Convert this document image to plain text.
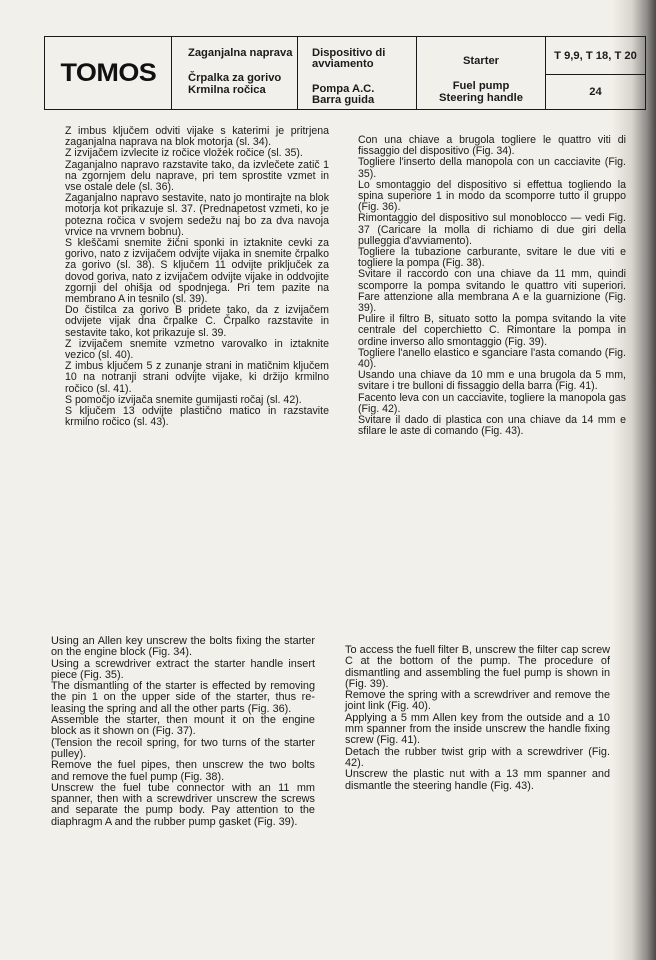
TOMOS
Zaganjalna naprava
Črpalka za gorivo
Krmilna ročica
Dispositivo di
avviamento
Pompa A.C.
Barra guida
Starter
Fuel pump
Steering handle
T 9,9, T 18, T 20
24

Z imbus ključem odviti vijake s katerimi je pritrjena zaganjalna naprava na blok motorja (sl. 34).

Z izvijačem izvlecite iz ročice vložek ročice (sl. 35).

Zaganjalno napravo razstavite tako, da izvlečete zatič 1 na zgornjem delu naprave, pri tem sprostite vzmet in vse ostale dele (sl. 36).

Zaganjalno napravo sestavite, nato jo montirajte na blok motorja kot prikazuje sl. 37. (Prednapetost vzmeti, ko je potezna ročica v svojem sedežu naj bo za dva navoja vrvice na vrvnem bobnu).

S kleščami snemite žični sponki in iztaknite cevki za gorivo, nato z izvijačem odvijte vijaka in snemite črpalko za gorivo (sl. 38). S ključem 11 odvijte priključek za dovod goriva, nato z izvijačem odvijte vijake in oddvojite zgornji del ohišja od spodnjega. Pri tem pazite na membrano A in tesnilo (sl. 39).

Do čistilca za gorivo B pridete tako, da z izvijačem odvijete vijak dna črpalke C. Črpalko razstavite in sestavite tako, kot prikazuje sl. 39.

Z izvijačem snemite vzmetno varovalko in iztaknite vezico (sl. 40).

Z imbus ključem 5 z zunanje strani in matičnim ključem 10 na notranji strani odvijte vijake, ki držijo krmilno ročico (sl. 41).

S pomočjo izvijača snemite gumijasti ročaj (sl. 42).

S ključem 13 odvijte plastično matico in razstavite krmilno ročico (sl. 43).

Con una chiave a brugola togliere le quattro viti di fissaggio del dispositivo (Fig. 34).

Togliere l'inserto della manopola con un cacciavite (Fig. 35).

Lo smontaggio del dispositivo si effettua togliendo la spina superiore 1 in modo da scomporre tutto il gruppo (Fig. 36).

Rimontaggio del dispositivo sul monoblocco — vedi Fig. 37 (Caricare la molla di richiamo di due giri della pulleggia d'avviamento).

Togliere la tubazione carburante, svitare le due viti e togliere la pompa (Fig. 38).

Svitare il raccordo con una chiave da 11 mm, quindi scomporre la pompa svitando le quattro viti superiori. Fare attenzione alla membrana A e la guarnizione (Fig. 39).

Pulire il filtro B, situato sotto la pompa svitando la vite centrale del coperchietto C. Rimontare la pompa in ordine inverso allo smontaggio (Fig. 39).

Togliere l'anello elastico e sganciare l'asta comando (Fig. 40).

Usando una chiave da 10 mm e una brugola da 5 mm, svitare i tre bulloni di fissaggio della barra (Fig. 41).

Facento leva con un cacciavite, togliere la manopola gas (Fig. 42).

Svitare il dado di plastica con una chiave da 14 mm e sfilare le aste di comando (Fig. 43).

Using an Allen key unscrew the bolts fixing the starter on the engine block (Fig. 34).

Using a screwdriver extract the starter handle insert piece (Fig. 35).

The dismantling of the starter is effected by removing the pin 1 on the upper side of the starter, thus releasing the spring and all the other parts (Fig. 36).

Assemble the starter, then mount it on the engine block as it shown on (Fig. 37).

(Tension the recoil spring, for two turns of the starter pulley).

Remove the fuel pipes, then unscrew the two bolts and remove the fuel pump (Fig. 38).

Unscrew the fuel tube connector with an 11 mm spanner, then with a screwdriver unscrew the screws and separate the pump body. Pay attention to the diaphragm A and the rubber pump gasket (Fig. 39).

To access the fuell filter B, unscrew the filter cap screw C at the bottom of the pump. The procedure of dismantling and assembling the fuel pump is shown in (Fig. 39).

Remove the spring with a screwdriver and remove the joint link (Fig. 40).

Applying a 5 mm Allen key from the outside and a 10 mm spanner from the inside unscrew the handle fixing screw (Fig. 41).

Detach the rubber twist grip with a screwdriver (Fig. 42).

Unscrew the plastic nut with a 13 mm spanner and dismantle the steering handle (Fig. 43).
